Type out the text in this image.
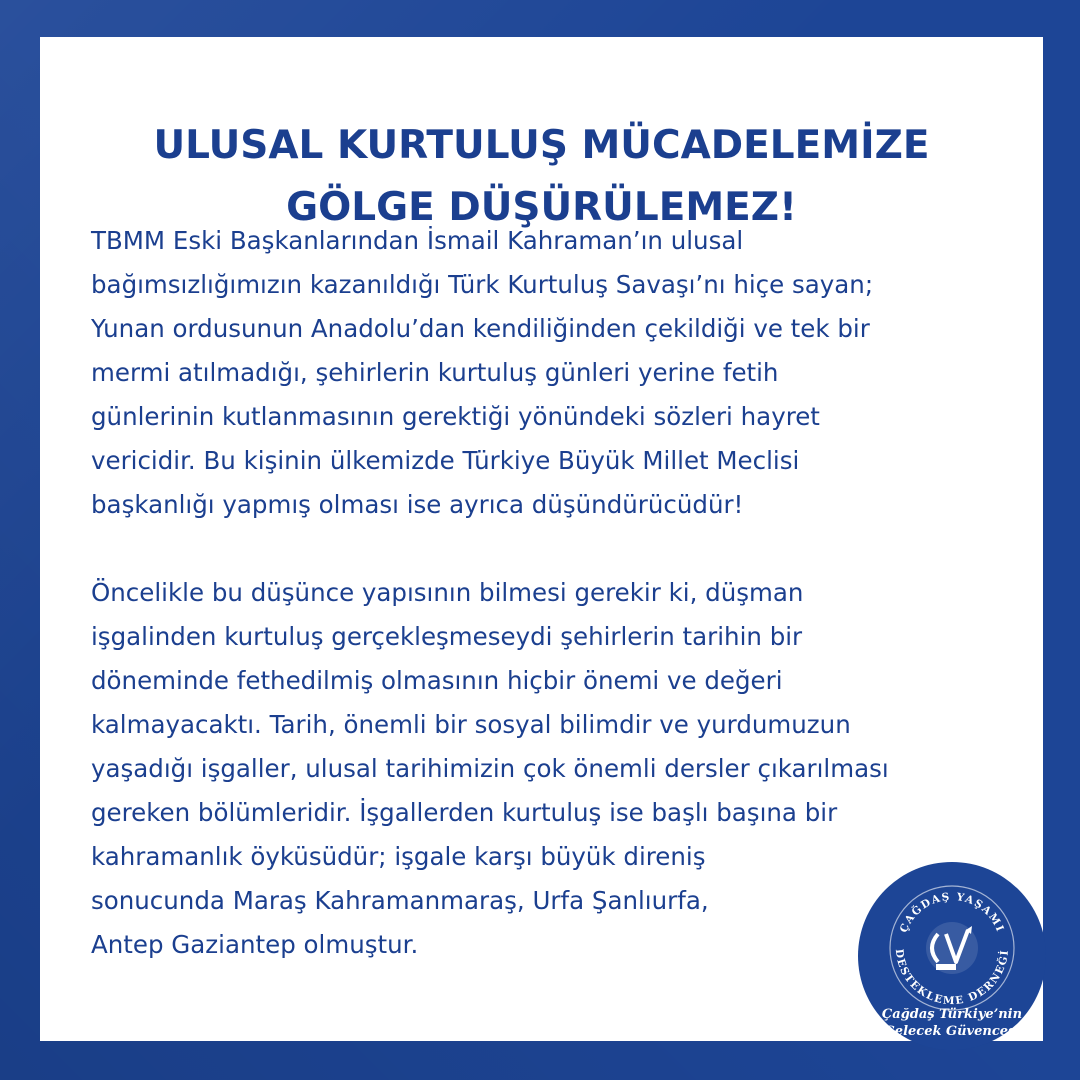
ULUSAL KURTULUŞ MÜCADELEMİZE
GÖLGE DÜŞÜRÜLEMEZ!
TBMM Eski Başkanlarından İsmail Kahraman’ın ulusal
bağımsızlığımızın kazanıldığı Türk Kurtuluş Savaşı’nı hiçe sayan;
Yunan ordusunun Anadolu’dan kendiliğinden çekildiği ve tek bir
mermi atılmadığı, şehirlerin kurtuluş günleri yerine fetih
günlerinin kutlanmasının gerektiği yönündeki sözleri hayret
vericidir. Bu kişinin ülkemizde Türkiye Büyük Millet Meclisi
başkanlığı yapmış olması ise ayrıca düşündürücüdür!
Öncelikle bu düşünce yapısının bilmesi gerekir ki, düşman
işgalinden kurtuluş gerçekleşmeseydi şehirlerin tarihin bir
döneminde fethedilmiş olmasının hiçbir önemi ve değeri
kalmayacaktı. Tarih, önemli bir sosyal bilimdir ve yurdumuzun
yaşadığı işgaller, ulusal tarihimizin çok önemli dersler çıkarılması
gereken bölümleridir. İşgallerden kurtuluş ise başlı başına bir
kahramanlık öyküsüdür; işgale karşı büyük direniş
sonucunda Maraş Kahramanmaraş, Urfa Şanlıurfa,
Antep Gaziantep olmuştur.
ÇAĞDAŞ YAŞAMI
DESTEKLEME DERNEĞİ
Çağdaş Türkiye’nin
Gelecek Güvencesi
